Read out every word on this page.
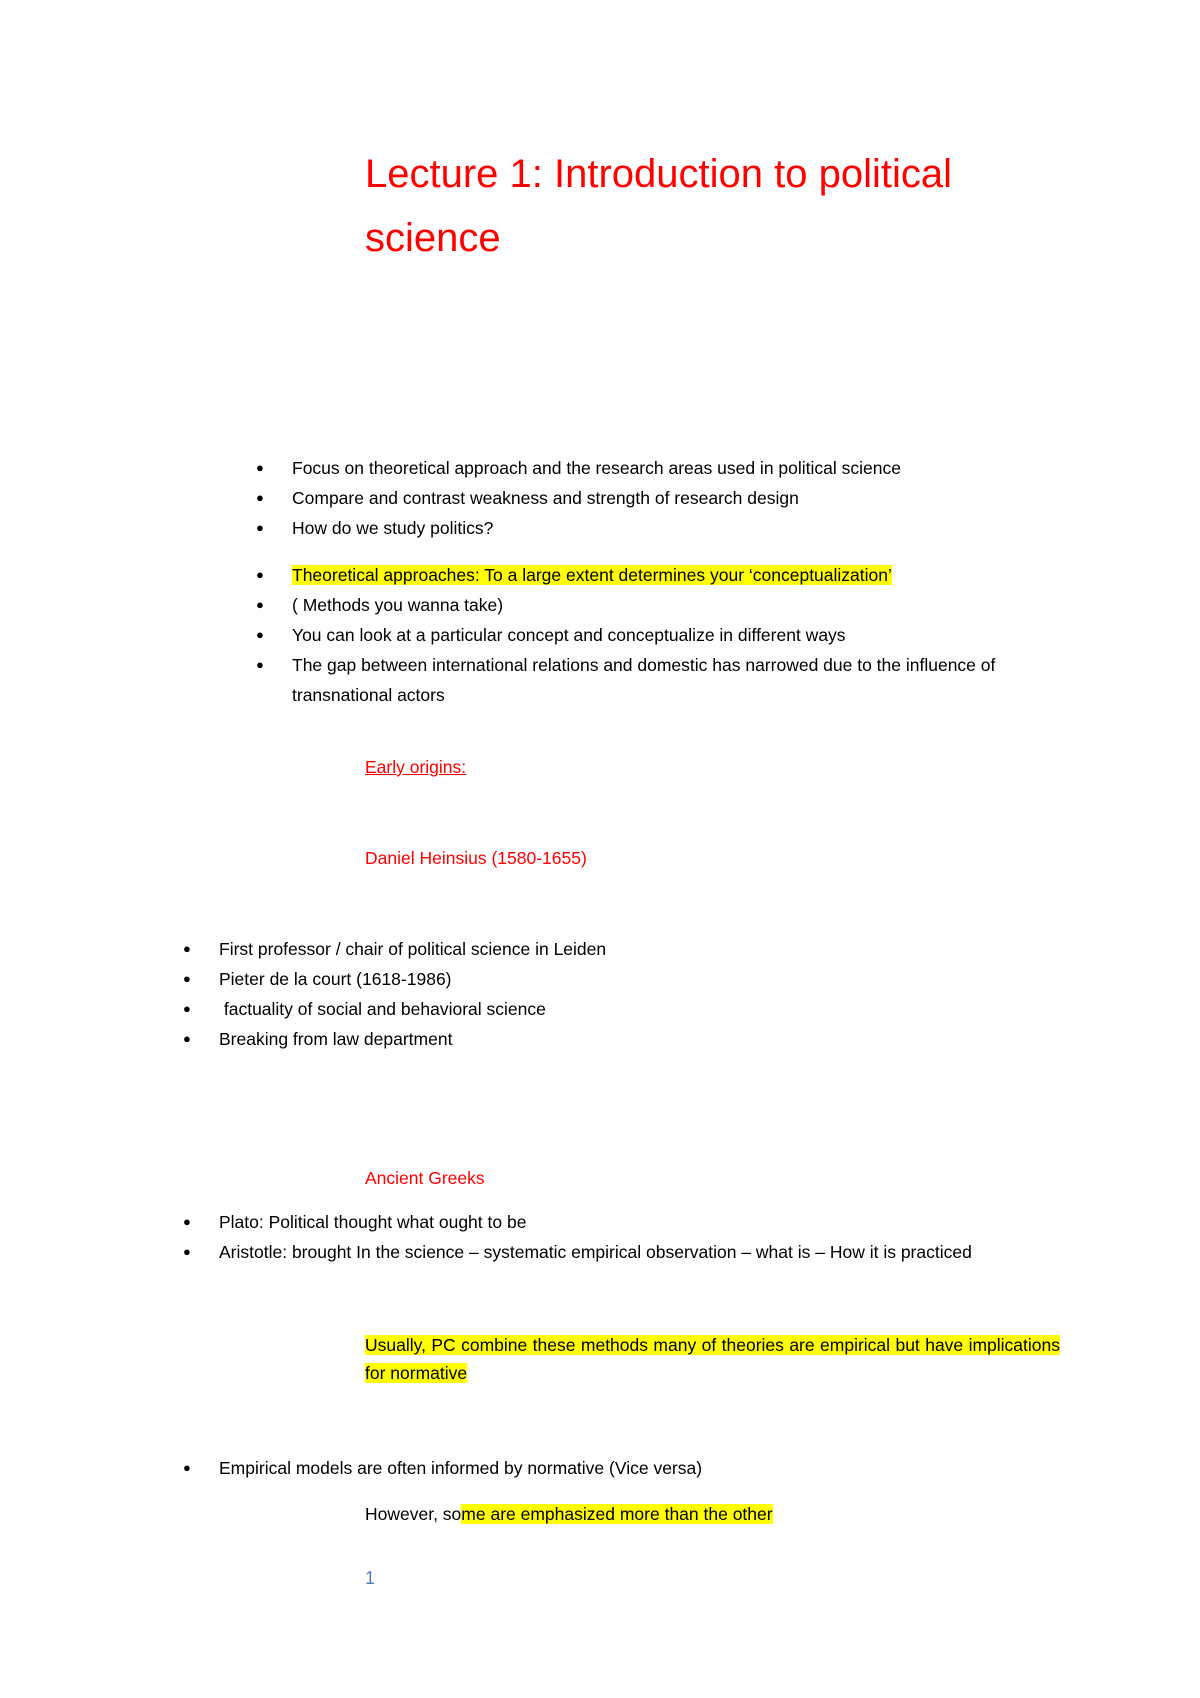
Lecture 1: Introduction to political science
● Focus on theoretical approach and the research areas used in political science
● Compare and contrast weakness and strength of research design
● How do we study politics?
● Theoretical approaches: To a large extent determines your ‘conceptualization’
● ( Methods you wanna take)
● You can look at a particular concept and conceptualize in different ways
● The gap between international relations and domestic has narrowed due to the influence of transnational actors
Early origins:
Daniel Heinsius (1580-1655)
● First professor / chair of political science in Leiden
● Pieter de la court (1618-1986)
● factuality of social and behavioral science
● Breaking from law department
Ancient Greeks
● Plato: Political thought what ought to be
● Aristotle: brought In the science – systematic empirical observation – what is – How it is practiced
Usually, PC combine these methods many of theories are empirical but have implications for normative
● Empirical models are often informed by normative (Vice versa)
However, some are emphasized more than the other
1
